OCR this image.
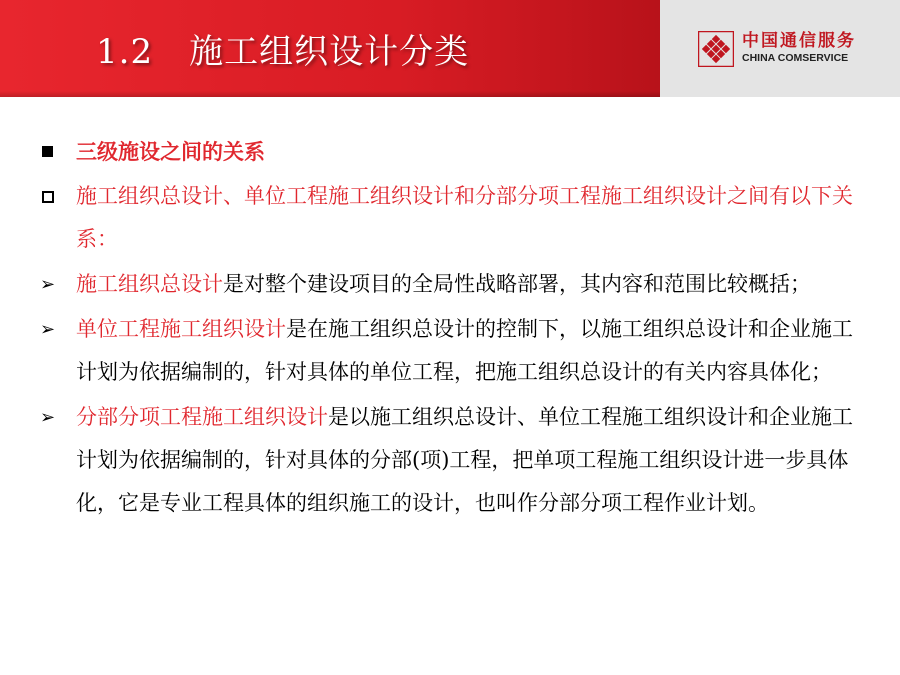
1.2 施工组织设计分类	中国通信服务
CHINA COMSERVICE
三级施设之间的关系
施工组织总设计、单位工程施工组织设计和分部分项工程施工组织设计之间有以下关系：
➢ 施工组织总设计是对整个建设项目的全局性战略部署，其内容和范围比较概括；
➢ 单位工程施工组织设计是在施工组织总设计的控制下，以施工组织总设计和企业施工计划为依据编制的，针对具体的单位工程，把施工组织总设计的有关内容具体化；
➢ 分部分项工程施工组织设计是以施工组织总设计、单位工程施工组织设计和企业施工计划为依据编制的，针对具体的分部(项)工程，把单项工程施工组织设计进一步具体化，它是专业工程具体的组织施工的设计，也叫作分部分项工程作业计划。
